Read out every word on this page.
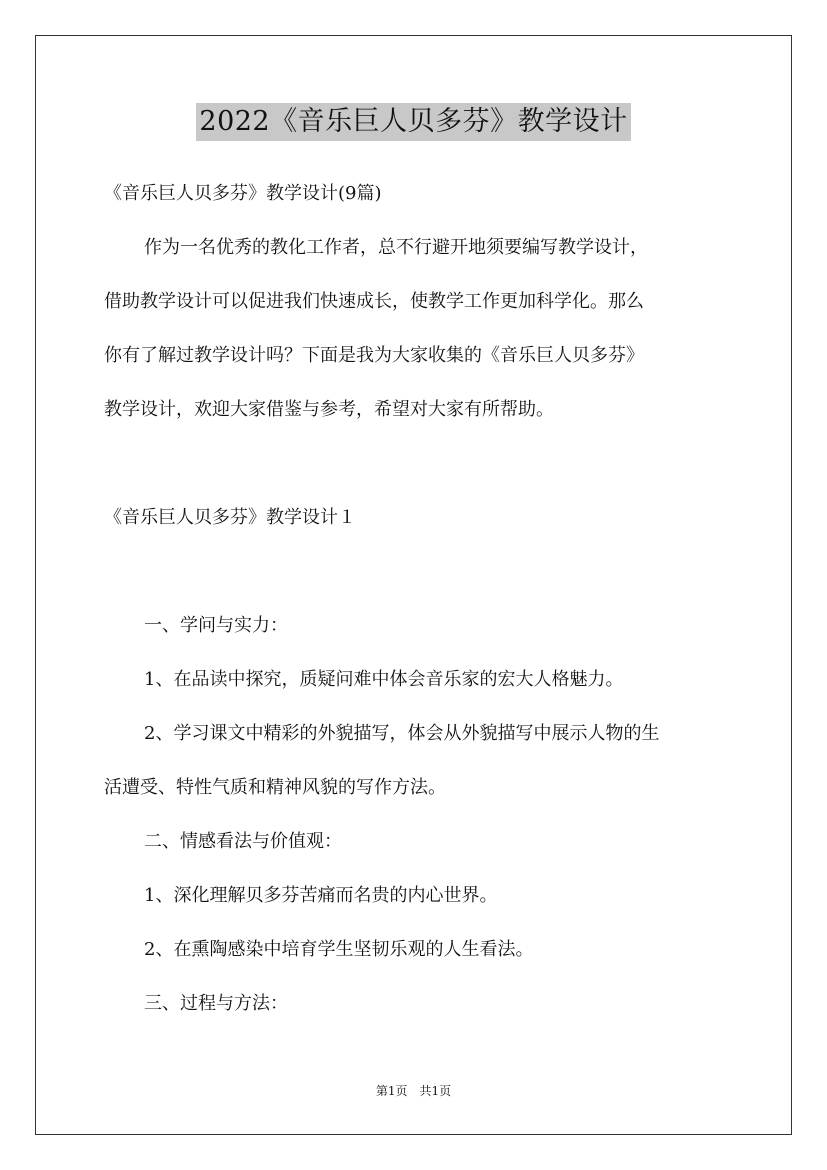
2022《音乐巨人贝多芬》教学设计
《音乐巨人贝多芬》教学设计(9篇)
作为一名优秀的教化工作者，总不行避开地须要编写教学设计，
借助教学设计可以促进我们快速成长，使教学工作更加科学化。那么
你有了解过教学设计吗？下面是我为大家收集的《音乐巨人贝多芬》
教学设计，欢迎大家借鉴与参考，希望对大家有所帮助。
《音乐巨人贝多芬》教学设计１
一、学问与实力：
1、在品读中探究，质疑问难中体会音乐家的宏大人格魅力。
2、学习课文中精彩的外貌描写，体会从外貌描写中展示人物的生
活遭受、特性气质和精神风貌的写作方法。
二、情感看法与价值观：
1、深化理解贝多芬苦痛而名贵的内心世界。
2、在熏陶感染中培育学生坚韧乐观的人生看法。
三、过程与方法：
第1页　共1页
